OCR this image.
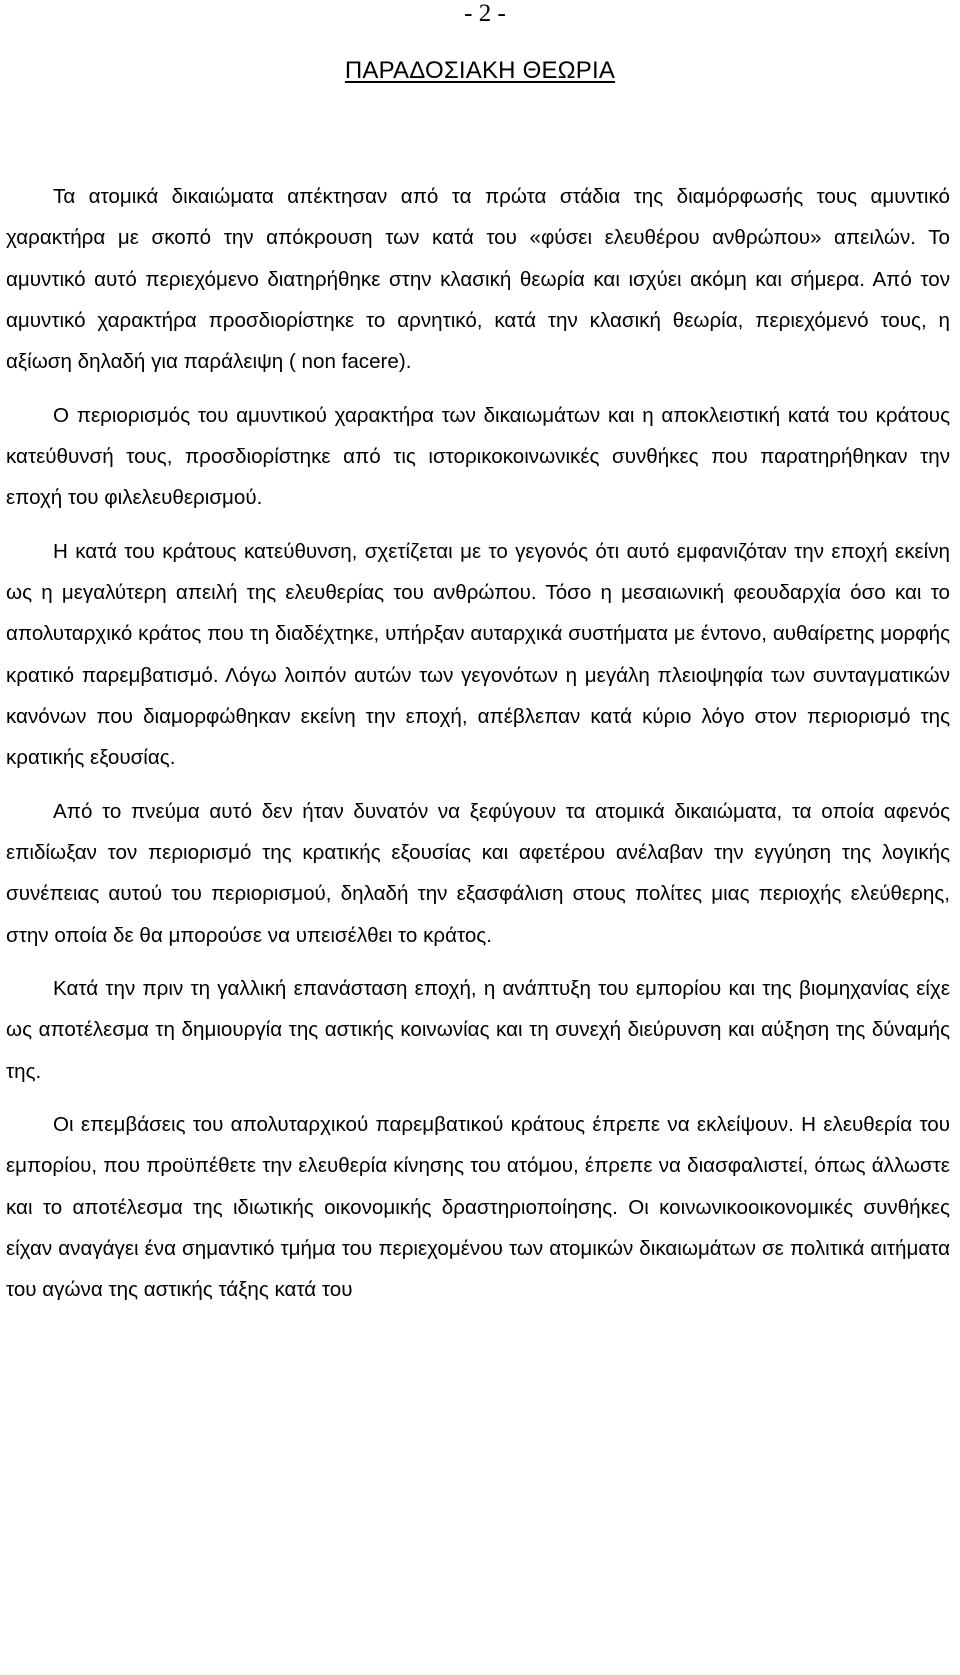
- 2 -
ΠΑΡΑΔΟΣΙΑΚΗ ΘΕΩΡΙΑ

Τα ατομικά δικαιώματα απέκτησαν από τα πρώτα στάδια της διαμόρφωσής τους αμυντικό χαρακτήρα με σκοπό την απόκρουση των κατά του «φύσει ελευθέρου ανθρώπου» απειλών. Το αμυντικό αυτό περιεχόμενο διατηρήθηκε στην κλασική θεωρία και ισχύει ακόμη και σήμερα. Από τον αμυντικό χαρακτήρα προσδιορίστηκε το αρνητικό, κατά την κλασική θεωρία, περιεχόμενό τους, η αξίωση δηλαδή για παράλειψη ( non facere).

Ο περιορισμός του αμυντικού χαρακτήρα των δικαιωμάτων και η αποκλειστική κατά του κράτους κατεύθυνσή τους, προσδιορίστηκε από τις ιστορικοκοινωνικές συνθήκες που παρατηρήθηκαν την εποχή του φιλελευθερισμού.

Η κατά του κράτους κατεύθυνση, σχετίζεται με το γεγονός ότι αυτό εμφανιζόταν την εποχή εκείνη ως η μεγαλύτερη απειλή της ελευθερίας του ανθρώπου. Τόσο η μεσαιωνική φεουδαρχία όσο και το απολυταρχικό κράτος που τη διαδέχτηκε, υπήρξαν αυταρχικά συστήματα με έντονο, αυθαίρετης μορφής κρατικό παρεμβατισμό. Λόγω λοιπόν αυτών των γεγονότων η μεγάλη πλειοψηφία των συνταγματικών κανόνων που διαμορφώθηκαν εκείνη την εποχή, απέβλεπαν κατά κύριο λόγο στον περιορισμό της κρατικής εξουσίας.

Από το πνεύμα αυτό δεν ήταν δυνατόν να ξεφύγουν τα ατομικά δικαιώματα, τα οποία αφενός επιδίωξαν τον περιορισμό της κρατικής εξουσίας και αφετέρου ανέλαβαν την εγγύηση της λογικής συνέπειας αυτού του περιορισμού, δηλαδή την εξασφάλιση στους πολίτες μιας περιοχής ελεύθερης, στην οποία δε θα μπορούσε να υπεισέλθει το κράτος.

Κατά την πριν τη γαλλική επανάσταση εποχή, η ανάπτυξη του εμπορίου και της βιομηχανίας είχε ως αποτέλεσμα τη δημιουργία της αστικής κοινωνίας και τη συνεχή διεύρυνση και αύξηση της δύναμής της.

Οι επεμβάσεις του απολυταρχικού παρεμβατικού κράτους έπρεπε να εκλείψουν. Η ελευθερία του εμπορίου, που προϋπέθετε την ελευθερία κίνησης του ατόμου, έπρεπε να διασφαλιστεί, όπως άλλωστε και το αποτέλεσμα της ιδιωτικής οικονομικής δραστηριοποίησης. Οι κοινωνικοοικονομικές συνθήκες είχαν αναγάγει ένα σημαντικό τμήμα του περιεχομένου των ατομικών δικαιωμάτων σε πολιτικά αιτήματα του αγώνα της αστικής τάξης κατά του
